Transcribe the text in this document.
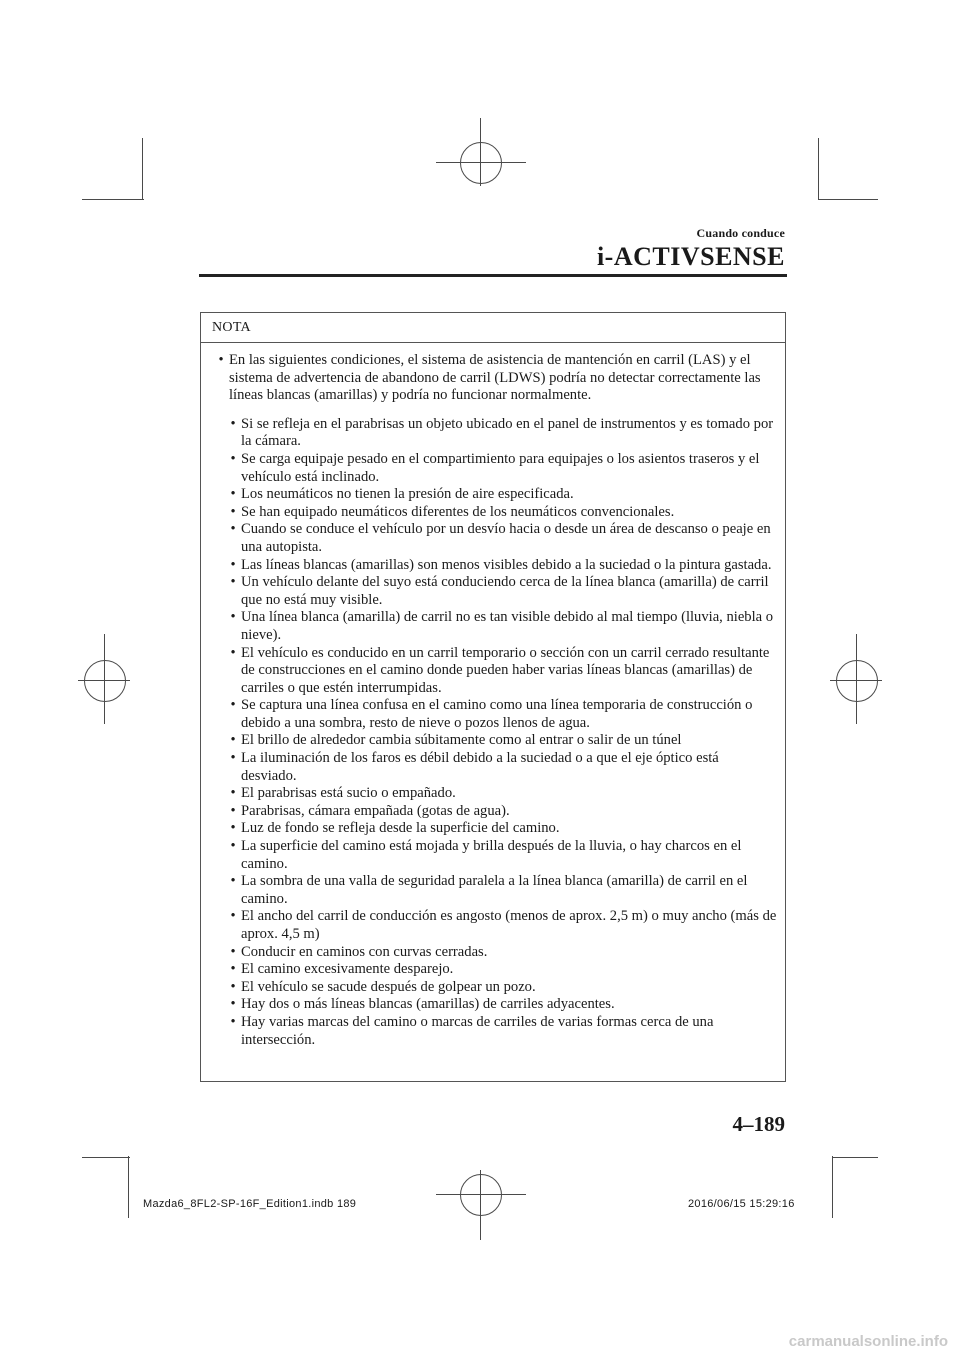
Cuando conduce
i-ACTIVSENSE
NOTA
• En las siguientes condiciones, el sistema de asistencia de mantención en carril (LAS) y el sistema de advertencia de abandono de carril (LDWS) podría no detectar correctamente las líneas blancas (amarillas) y podría no funcionar normalmente.
• Si se refleja en el parabrisas un objeto ubicado en el panel de instrumentos y es tomado por la cámara.
• Se carga equipaje pesado en el compartimiento para equipajes o los asientos traseros y el vehículo está inclinado.
• Los neumáticos no tienen la presión de aire especificada.
• Se han equipado neumáticos diferentes de los neumáticos convencionales.
• Cuando se conduce el vehículo por un desvío hacia o desde un área de descanso o peaje en una autopista.
• Las líneas blancas (amarillas) son menos visibles debido a la suciedad o la pintura gastada.
• Un vehículo delante del suyo está conduciendo cerca de la línea blanca (amarilla) de carril que no está muy visible.
• Una línea blanca (amarilla) de carril no es tan visible debido al mal tiempo (lluvia, niebla o nieve).
• El vehículo es conducido en un carril temporario o sección con un carril cerrado resultante de construcciones en el camino donde pueden haber varias líneas blancas (amarillas) de carriles o que estén interrumpidas.
• Se captura una línea confusa en el camino como una línea temporaria de construcción o debido a una sombra, resto de nieve o pozos llenos de agua.
• El brillo de alrededor cambia súbitamente como al entrar o salir de un túnel
• La iluminación de los faros es débil debido a la suciedad o a que el eje óptico está desviado.
• El parabrisas está sucio o empañado.
• Parabrisas, cámara empañada (gotas de agua).
• Luz de fondo se refleja desde la superficie del camino.
• La superficie del camino está mojada y brilla después de la lluvia, o hay charcos en el camino.
• La sombra de una valla de seguridad paralela a la línea blanca (amarilla) de carril en el camino.
• El ancho del carril de conducción es angosto (menos de aprox. 2,5 m) o muy ancho (más de aprox. 4,5 m)
• Conducir en caminos con curvas cerradas.
• El camino excesivamente desparejo.
• El vehículo se sacude después de golpear un pozo.
• Hay dos o más líneas blancas (amarillas) de carriles adyacentes.
• Hay varias marcas del camino o marcas de carriles de varias formas cerca de una intersección.
4–189
Mazda6_8FL2-SP-16F_Edition1.indb 189	2016/06/15 15:29:16
carmanualsonline.info
